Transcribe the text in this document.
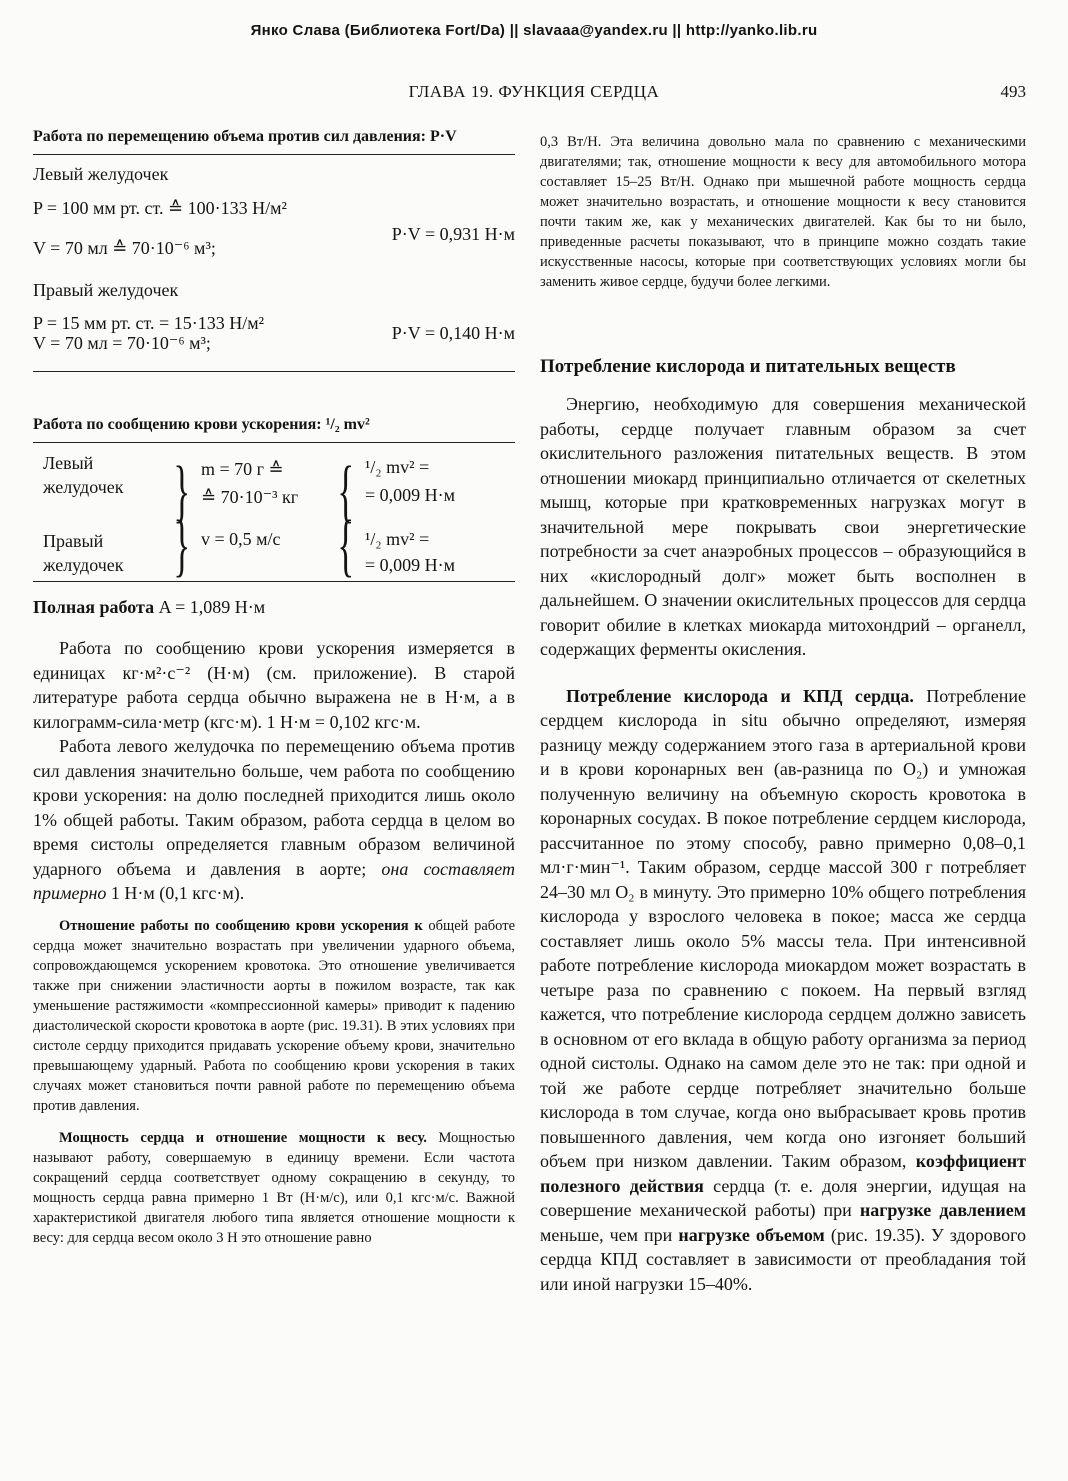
Янко Слава (Библиотека Fort/Da) || slavaaa@yandex.ru || http://yanko.lib.ru
ГЛАВА 19. ФУНКЦИЯ СЕРДЦА	493
Работа по перемещению объема против сил давления: P·V
Левый желудочек
P = 100 мм рт. ст. ≙ 100·133 Н/м²
V = 70 мл ≙ 70·10⁻⁶ м³;
P·V = 0,931 Н·м
Правый желудочек
P = 15 мм рт. ст. = 15·133 Н/м²
V = 70 мл = 70·10⁻⁶ м³;	P·V = 0,140 Н·м
Работа по сообщению крови ускорения: ¹/₂ mv²
Левый
желудочек
Правый
желудочек
}
}
m = 70 г ≙
≙ 70·10⁻³ кг
v = 0,5 м/с
{
{
¹/₂ mv² =
= 0,009 Н·м
¹/₂ mv² =
= 0,009 Н·м
Полная работа A = 1,089 Н·м

Работа по сообщению крови ускорения измеряется в единицах кг·м²·с⁻² (Н·м) (см. приложение). В старой литературе работа сердца обычно выражена не в Н·м, а в килограмм-сила·метр (кгс·м). 1 Н·м = 0,102 кгс·м.

Работа левого желудочка по перемещению объема против сил давления значительно больше, чем работа по сообщению крови ускорения: на долю последней приходится лишь около 1% общей работы. Таким образом, работа сердца в целом во время систолы определяется главным образом величиной ударного объема и давления в аорте; она составляет примерно 1 Н·м (0,1 кгс·м).

Отношение работы по сообщению крови ускорения к общей работе сердца может значительно возрастать при увеличении ударного объема, сопровождающемся ускорением кровотока. Это отношение увеличивается также при снижении эластичности аорты в пожилом возрасте, так как уменьшение растяжимости «компрессионной камеры» приводит к падению диастолической скорости кровотока в аорте (рис. 19.31). В этих условиях при систоле сердцу приходится придавать ускорение объему крови, значительно превышающему ударный. Работа по сообщению крови ускорения в таких случаях может становиться почти равной работе по перемещению объема против давления.

Мощность сердца и отношение мощности к весу. Мощностью называют работу, совершаемую в единицу времени. Если частота сокращений сердца соответствует одному сокращению в секунду, то мощность сердца равна примерно 1 Вт (Н·м/с), или 0,1 кгс·м/с. Важной характеристикой двигателя любого типа является отношение мощности к весу: для сердца весом около 3 Н это отношение равно

0,3 Вт/Н. Эта величина довольно мала по сравнению с механическими двигателями; так, отношение мощности к весу для автомобильного мотора составляет 15–25 Вт/Н. Однако при мышечной работе мощность сердца может значительно возрастать, и отношение мощности к весу становится почти таким же, как у механических двигателей. Как бы то ни было, приведенные расчеты показывают, что в принципе можно создать такие искусственные насосы, которые при соответствующих условиях могли бы заменить живое сердце, будучи более легкими.

Потребление кислорода и питательных веществ

Энергию, необходимую для совершения механической работы, сердце получает главным образом за счет окислительного разложения питательных веществ. В этом отношении миокард принципиально отличается от скелетных мышц, которые при кратковременных нагрузках могут в значительной мере покрывать свои энергетические потребности за счет анаэробных процессов – образующийся в них «кислородный долг» может быть восполнен в дальнейшем. О значении окислительных процессов для сердца говорит обилие в клетках миокарда митохондрий – органелл, содержащих ферменты окисления.

Потребление кислорода и КПД сердца. Потребление сердцем кислорода in situ обычно определяют, измеряя разницу между содержанием этого газа в артериальной крови и в крови коронарных вен (ав-разница по O₂) и умножая полученную величину на объемную скорость кровотока в коронарных сосудах. В покое потребление сердцем кислорода, рассчитанное по этому способу, равно примерно 0,08–0,1 мл·г·мин⁻¹. Таким образом, сердце массой 300 г потребляет 24–30 мл O₂ в минуту. Это примерно 10% общего потребления кислорода у взрослого человека в покое; масса же сердца составляет лишь около 5% массы тела. При интенсивной работе потребление кислорода миокардом может возрастать в четыре раза по сравнению с покоем. На первый взгляд кажется, что потребление кислорода сердцем должно зависеть в основном от его вклада в общую работу организма за период одной систолы. Однако на самом деле это не так: при одной и той же работе сердце потребляет значительно больше кислорода в том случае, когда оно выбрасывает кровь против повышенного давления, чем когда оно изгоняет больший объем при низком давлении. Таким образом, коэффициент полезного действия сердца (т. е. доля энергии, идущая на совершение механической работы) при нагрузке давлением меньше, чем при нагрузке объемом (рис. 19.35). У здорового сердца КПД составляет в зависимости от преобладания той или иной нагрузки 15–40%.
